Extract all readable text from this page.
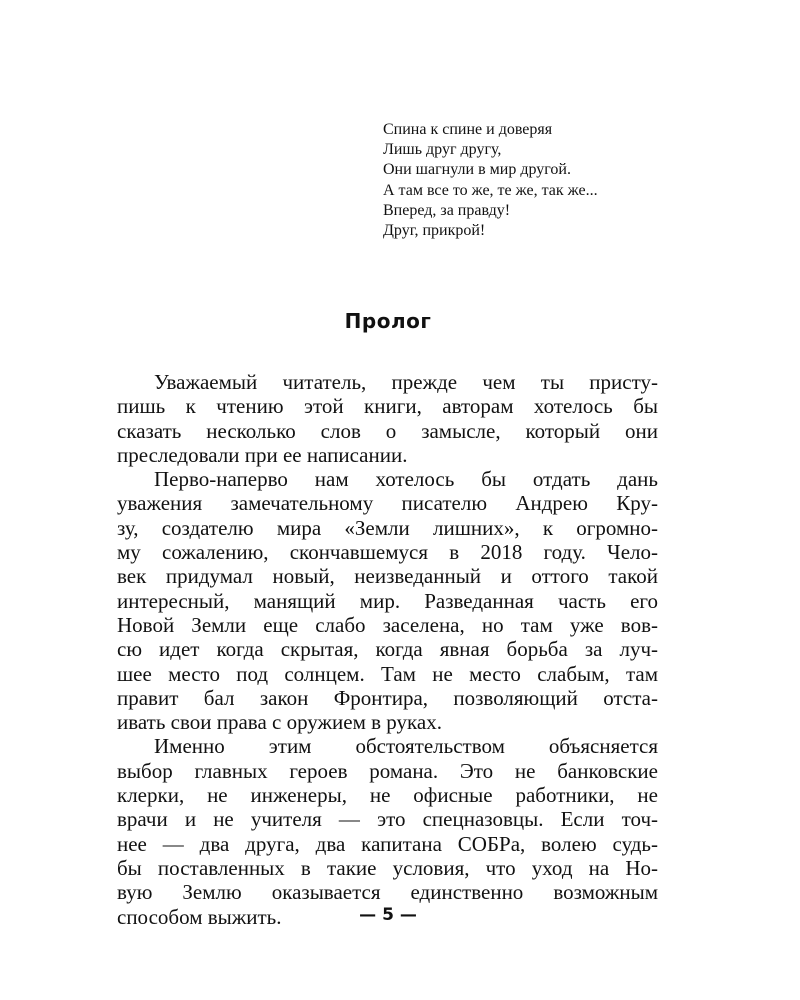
Спина к спине и доверяя
Лишь друг другу,
Они шагнули в мир другой.
А там все то же, те же, так же...
Вперед, за правду!
Друг, прикрой!
Пролог
Уважаемый читатель, прежде чем ты присту-
пишь к чтению этой книги, авторам хотелось бы
сказать несколько слов о замысле, который они
преследовали при ее написании.
Перво-наперво нам хотелось бы отдать дань
уважения замечательному писателю Андрею Кру-
зу, создателю мира «Земли лишних», к огромно-
му сожалению, скончавшемуся в 2018 году. Чело-
век придумал новый, неизведанный и оттого такой
интересный, манящий мир. Разведанная часть его
Новой Земли еще слабо заселена, но там уже вов-
сю идет когда скрытая, когда явная борьба за луч-
шее место под солнцем. Там не место слабым, там
правит бал закон Фронтира, позволяющий отста-
ивать свои права с оружием в руках.
Именно этим обстоятельством объясняется
выбор главных героев романа. Это не банковские
клерки, не инженеры, не офисные работники, не
врачи и не учителя — это спецназовцы. Если точ-
нее — два друга, два капитана СОБРа, волею судь-
бы поставленных в такие условия, что уход на Но-
вую Землю оказывается единственно возможным
способом выжить.	— 5 —
